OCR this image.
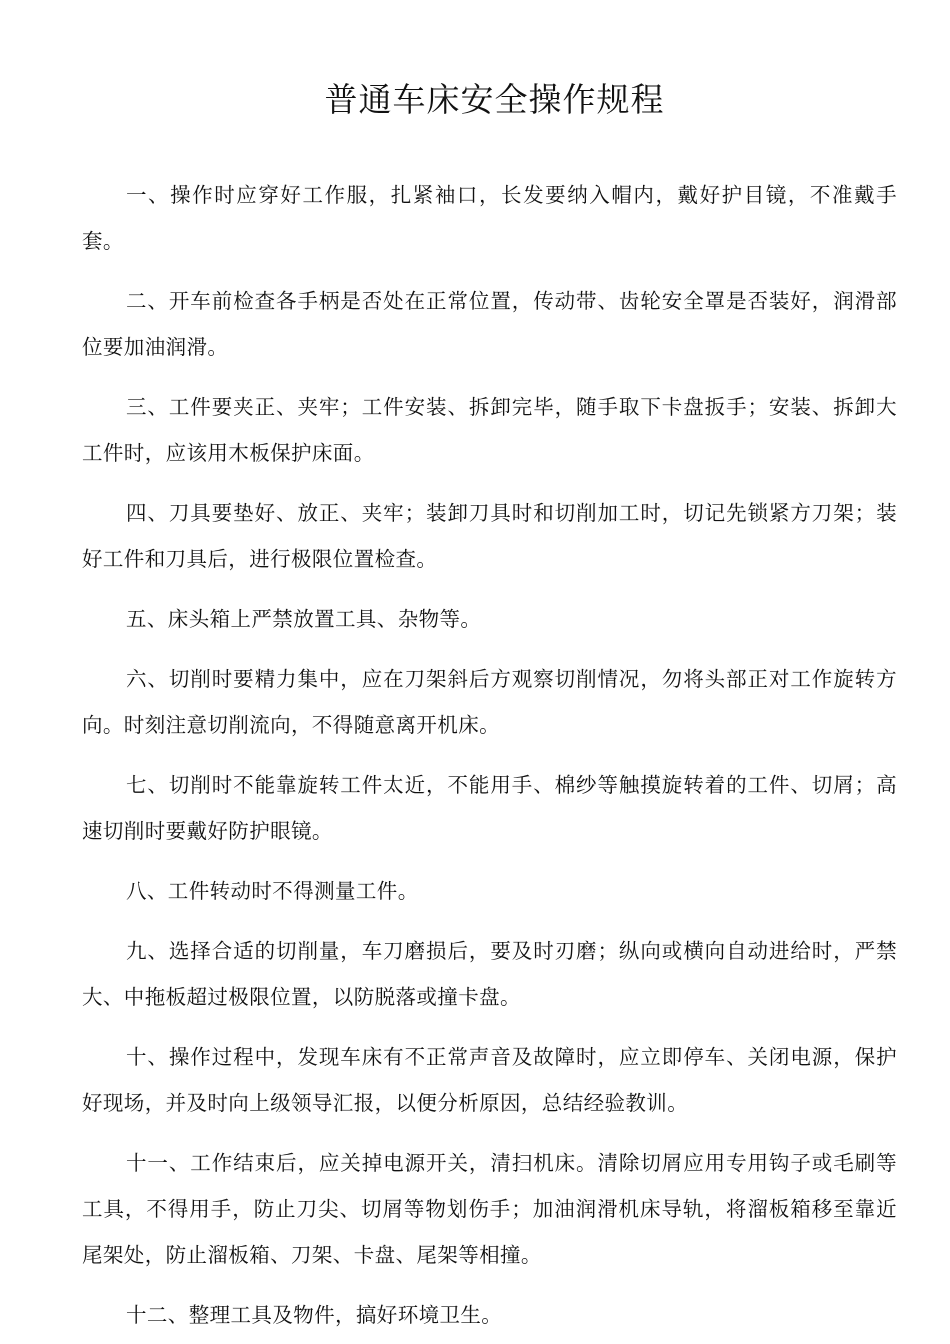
普通车床安全操作规程

一、操作时应穿好工作服，扎紧袖口，长发要纳入帽内，戴好护目镜，不准戴手套。

二、开车前检查各手柄是否处在正常位置，传动带、齿轮安全罩是否装好，润滑部位要加油润滑。

三、工件要夹正、夹牢；工件安装、拆卸完毕，随手取下卡盘扳手；安装、拆卸大工件时，应该用木板保护床面。

四、刀具要垫好、放正、夹牢；装卸刀具时和切削加工时，切记先锁紧方刀架；装好工件和刀具后，进行极限位置检查。

五、床头箱上严禁放置工具、杂物等。

六、切削时要精力集中，应在刀架斜后方观察切削情况，勿将头部正对工作旋转方向。时刻注意切削流向，不得随意离开机床。

七、切削时不能靠旋转工件太近，不能用手、棉纱等触摸旋转着的工件、切屑；高速切削时要戴好防护眼镜。

八、工件转动时不得测量工件。

九、选择合适的切削量，车刀磨损后，要及时刃磨；纵向或横向自动进给时，严禁大、中拖板超过极限位置，以防脱落或撞卡盘。

十、操作过程中，发现车床有不正常声音及故障时，应立即停车、关闭电源，保护好现场，并及时向上级领导汇报，以便分析原因，总结经验教训。

十一、工作结束后，应关掉电源开关，清扫机床。清除切屑应用专用钩子或毛刷等工具，不得用手，防止刀尖、切屑等物划伤手；加油润滑机床导轨，将溜板箱移至靠近尾架处，防止溜板箱、刀架、卡盘、尾架等相撞。

十二、整理工具及物件，搞好环境卫生。
